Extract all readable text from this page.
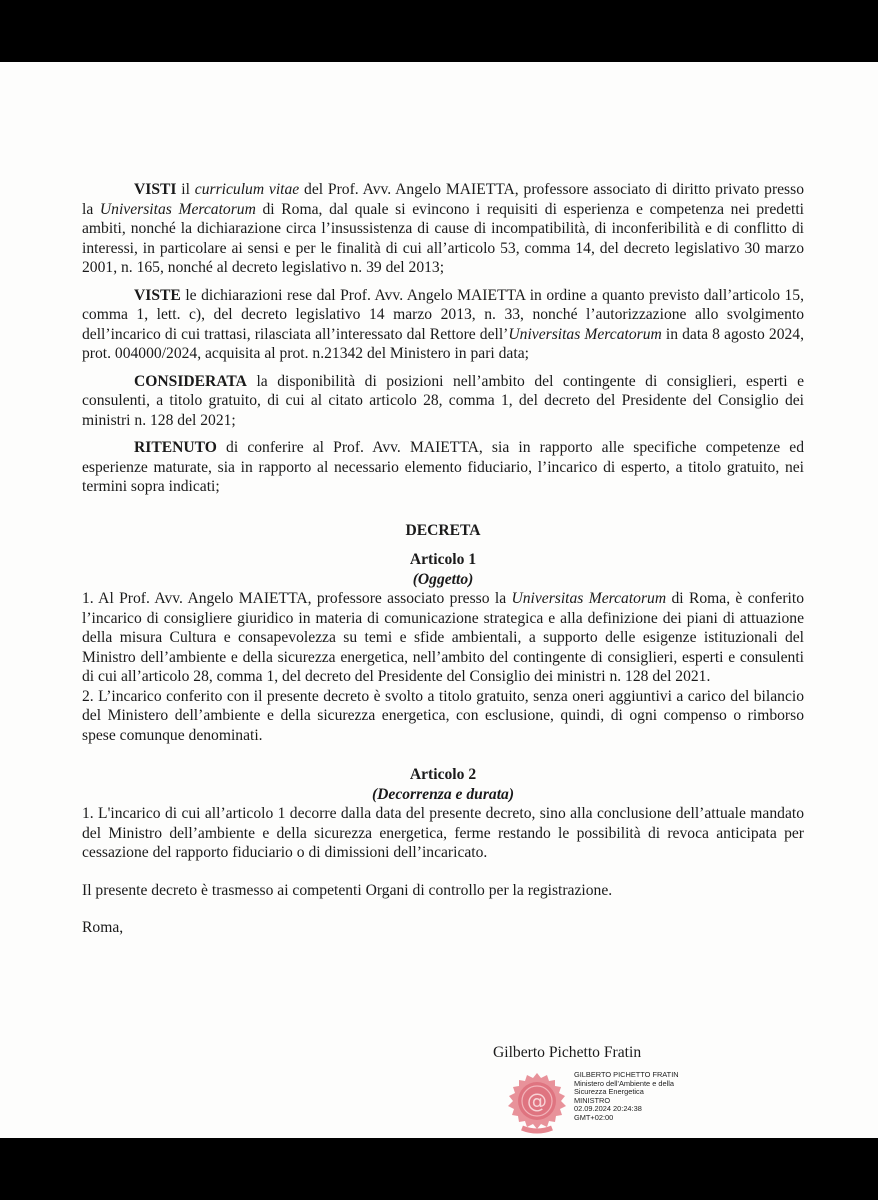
VISTI il curriculum vitae del Prof. Avv. Angelo MAIETTA, professore associato di diritto privato presso la Universitas Mercatorum di Roma, dal quale si evincono i requisiti di esperienza e competenza nei predetti ambiti, nonché la dichiarazione circa l’insussistenza di cause di incompatibilità, di inconferibilità e di conflitto di interessi, in particolare ai sensi e per le finalità di cui all’articolo 53, comma 14, del decreto legislativo 30 marzo 2001, n. 165, nonché al decreto legislativo n. 39 del 2013;

VISTE le dichiarazioni rese dal Prof. Avv. Angelo MAIETTA in ordine a quanto previsto dall’articolo 15, comma 1, lett. c), del decreto legislativo 14 marzo 2013, n. 33, nonché l’autorizzazione allo svolgimento dell’incarico di cui trattasi, rilasciata all’interessato dal Rettore dell’Universitas Mercatorum in data 8 agosto 2024, prot. 004000/2024, acquisita al prot. n.21342 del Ministero in pari data;

CONSIDERATA la disponibilità di posizioni nell’ambito del contingente di consiglieri, esperti e consulenti, a titolo gratuito, di cui al citato articolo 28, comma 1, del decreto del Presidente del Consiglio dei ministri n. 128 del 2021;

RITENUTO di conferire al Prof. Avv. MAIETTA, sia in rapporto alle specifiche competenze ed esperienze maturate, sia in rapporto al necessario elemento fiduciario, l’incarico di esperto, a titolo gratuito, nei termini sopra indicati;

DECRETA

Articolo 1

(Oggetto)

1. Al Prof. Avv. Angelo MAIETTA, professore associato presso la Universitas Mercatorum di Roma, è conferito l’incarico di consigliere giuridico in materia di comunicazione strategica e alla definizione dei piani di attuazione della misura Cultura e consapevolezza su temi e sfide ambientali, a supporto delle esigenze istituzionali del Ministro dell’ambiente e della sicurezza energetica, nell’ambito del contingente di consiglieri, esperti e consulenti di cui all’articolo 28, comma 1, del decreto del Presidente del Consiglio dei ministri n. 128 del 2021.

2. L’incarico conferito con il presente decreto è svolto a titolo gratuito, senza oneri aggiuntivi a carico del bilancio del Ministero dell’ambiente e della sicurezza energetica, con esclusione, quindi, di ogni compenso o rimborso spese comunque denominati.

Articolo 2

(Decorrenza e durata)

1. L'incarico di cui all’articolo 1 decorre dalla data del presente decreto, sino alla conclusione dell’attuale mandato del Ministro dell’ambiente e della sicurezza energetica, ferme restando le possibilità di revoca anticipata per cessazione del rapporto fiduciario o di dimissioni dell’incaricato.

Il presente decreto è trasmesso ai competenti Organi di controllo per la registrazione.

Roma,

Gilberto Pichetto Fratin
@
GILBERTO PICHETTO FRATIN
Ministero dell'Ambiente e della
Sicurezza Energetica
MINISTRO
02.09.2024 20:24:38
GMT+02:00
